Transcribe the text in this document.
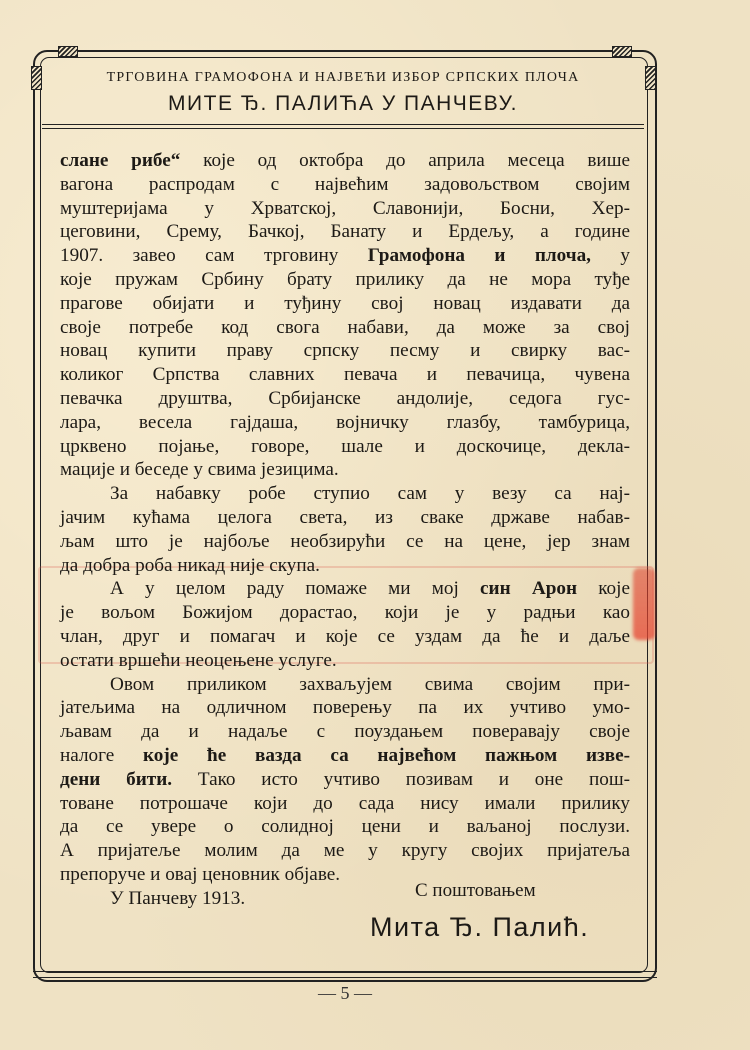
ТРГОВИНА ГРАМОФОНА И НАЈВЕЋИ ИЗБОР СРПСКИХ ПЛОЧА
МИТЕ Ђ. ПАЛИЋА У ПАНЧЕВУ.
слане рибе“ које од октобра до априла месеца више
вагона распродам с највећим задовољством својим
муштеријама у Хрватској, Славонији, Босни, Хер-
цеговини, Срему, Бачкој, Банату и Ердељу, а године
1907. завео сам трговину Грамофона и плоча, у
које пружам Србину брату прилику да не мора туђе
прагове обијати и туђину свој новац издавати да
своје потребе код свога набави, да може за свој
новац купити праву српску песму и свирку вас-
коликог Српства славних певача и певачица, чувена
певачка друштва, Србијанске андолије, седога гус-
лара, весела гајдаша, војничку глазбу, тамбурица,
црквено појање, говоре, шале и доскочице, декла-
мације и беседе у свима језицима.
За набавку робе ступио сам у везу са нај-
јачим кућама целога света, из сваке државе набав-
љам што је најбоље необзирући се на цене, јер знам
да добра роба никад није скупа.
А у целом раду помаже ми мој син Арон које
је вољом Божијом дорастао, који је у радњи као
члан, друг и помагач и које се уздам да ће и даље
остати вршећи неоцењене услуге.
Овом приликом захваљујем свима својим при-
јатељима на одличном поверењу па их учтиво умо-
љавам да и надаље с поуздањем поверавају своје
налоге које ће вазда са највећом пажњом изве-
дени бити. Тако исто учтиво позивам и оне пош-
товане потрошаче који до сада нису имали прилику
да се увере о солидној цени и ваљаној послузи.
А пријатеље молим да ме у кругу својих пријатеља
препоруче и овај ценовник објаве.
У Панчеву 1913.	С поштовањем
Мита Ђ. Палић.
— 5 —
